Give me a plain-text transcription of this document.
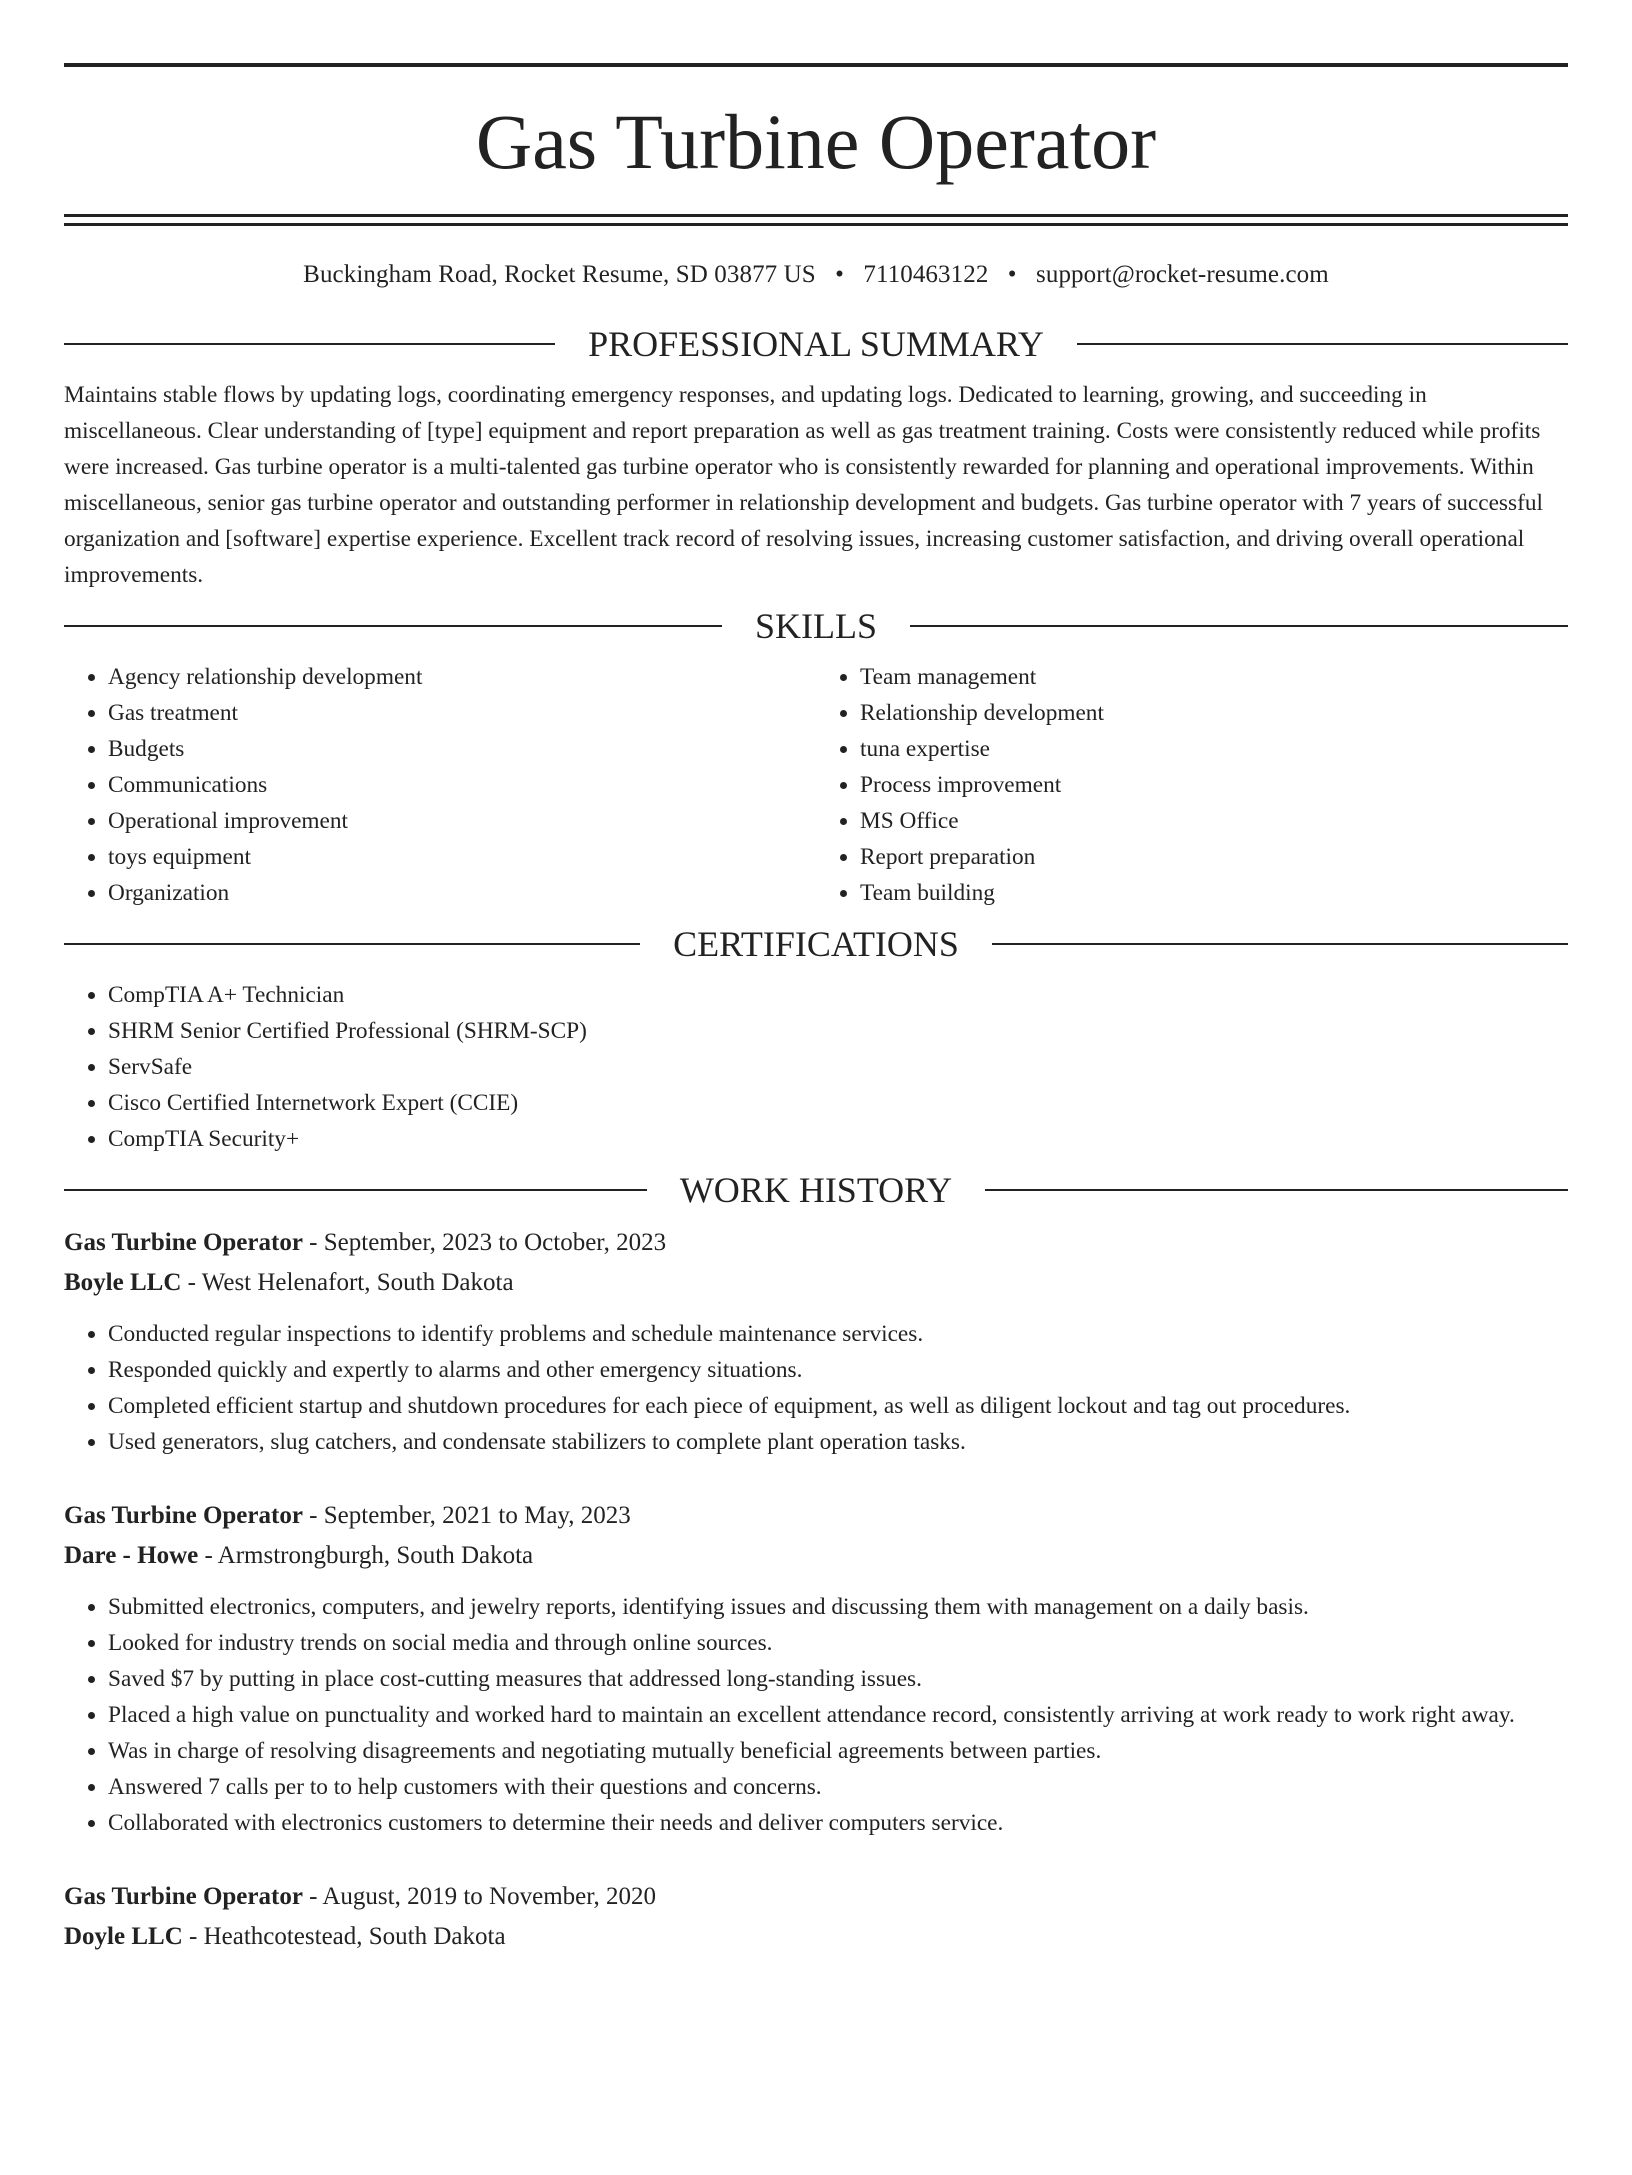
Gas Turbine Operator
Buckingham Road, Rocket Resume, SD 03877 US • 7110463122 • support@rocket-resume.com
PROFESSIONAL SUMMARY

Maintains stable flows by updating logs, coordinating emergency responses, and updating logs. Dedicated to learning, growing, and succeeding in miscellaneous. Clear understanding of [type] equipment and report preparation as well as gas treatment training. Costs were consistently reduced while profits were increased. Gas turbine operator is a multi-talented gas turbine operator who is consistently rewarded for planning and operational improvements. Within miscellaneous, senior gas turbine operator and outstanding performer in relationship development and budgets. Gas turbine operator with 7 years of successful organization and [software] expertise experience. Excellent track record of resolving issues, increasing customer satisfaction, and driving overall operational improvements.

SKILLS
• Agency relationship development
• Gas treatment
• Budgets
• Communications
• Operational improvement
• toys equipment
• Organization
• Team management
• Relationship development
• tuna expertise
• Process improvement
• MS Office
• Report preparation
• Team building
CERTIFICATIONS
• CompTIA A+ Technician
• SHRM Senior Certified Professional (SHRM-SCP)
• ServSafe
• Cisco Certified Internetwork Expert (CCIE)
• CompTIA Security+
WORK HISTORY
Gas Turbine Operator - September, 2023 to October, 2023
Boyle LLC - West Helenafort, South Dakota
• Conducted regular inspections to identify problems and schedule maintenance services.
• Responded quickly and expertly to alarms and other emergency situations.
• Completed efficient startup and shutdown procedures for each piece of equipment, as well as diligent lockout and tag out procedures.
• Used generators, slug catchers, and condensate stabilizers to complete plant operation tasks.
Gas Turbine Operator - September, 2021 to May, 2023
Dare - Howe - Armstrongburgh, South Dakota
• Submitted electronics, computers, and jewelry reports, identifying issues and discussing them with management on a daily basis.
• Looked for industry trends on social media and through online sources.
• Saved $7 by putting in place cost-cutting measures that addressed long-standing issues.
• Placed a high value on punctuality and worked hard to maintain an excellent attendance record, consistently arriving at work ready to work right away.
• Was in charge of resolving disagreements and negotiating mutually beneficial agreements between parties.
• Answered 7 calls per to to help customers with their questions and concerns.
• Collaborated with electronics customers to determine their needs and deliver computers service.
Gas Turbine Operator - August, 2019 to November, 2020
Doyle LLC - Heathcotestead, South Dakota
